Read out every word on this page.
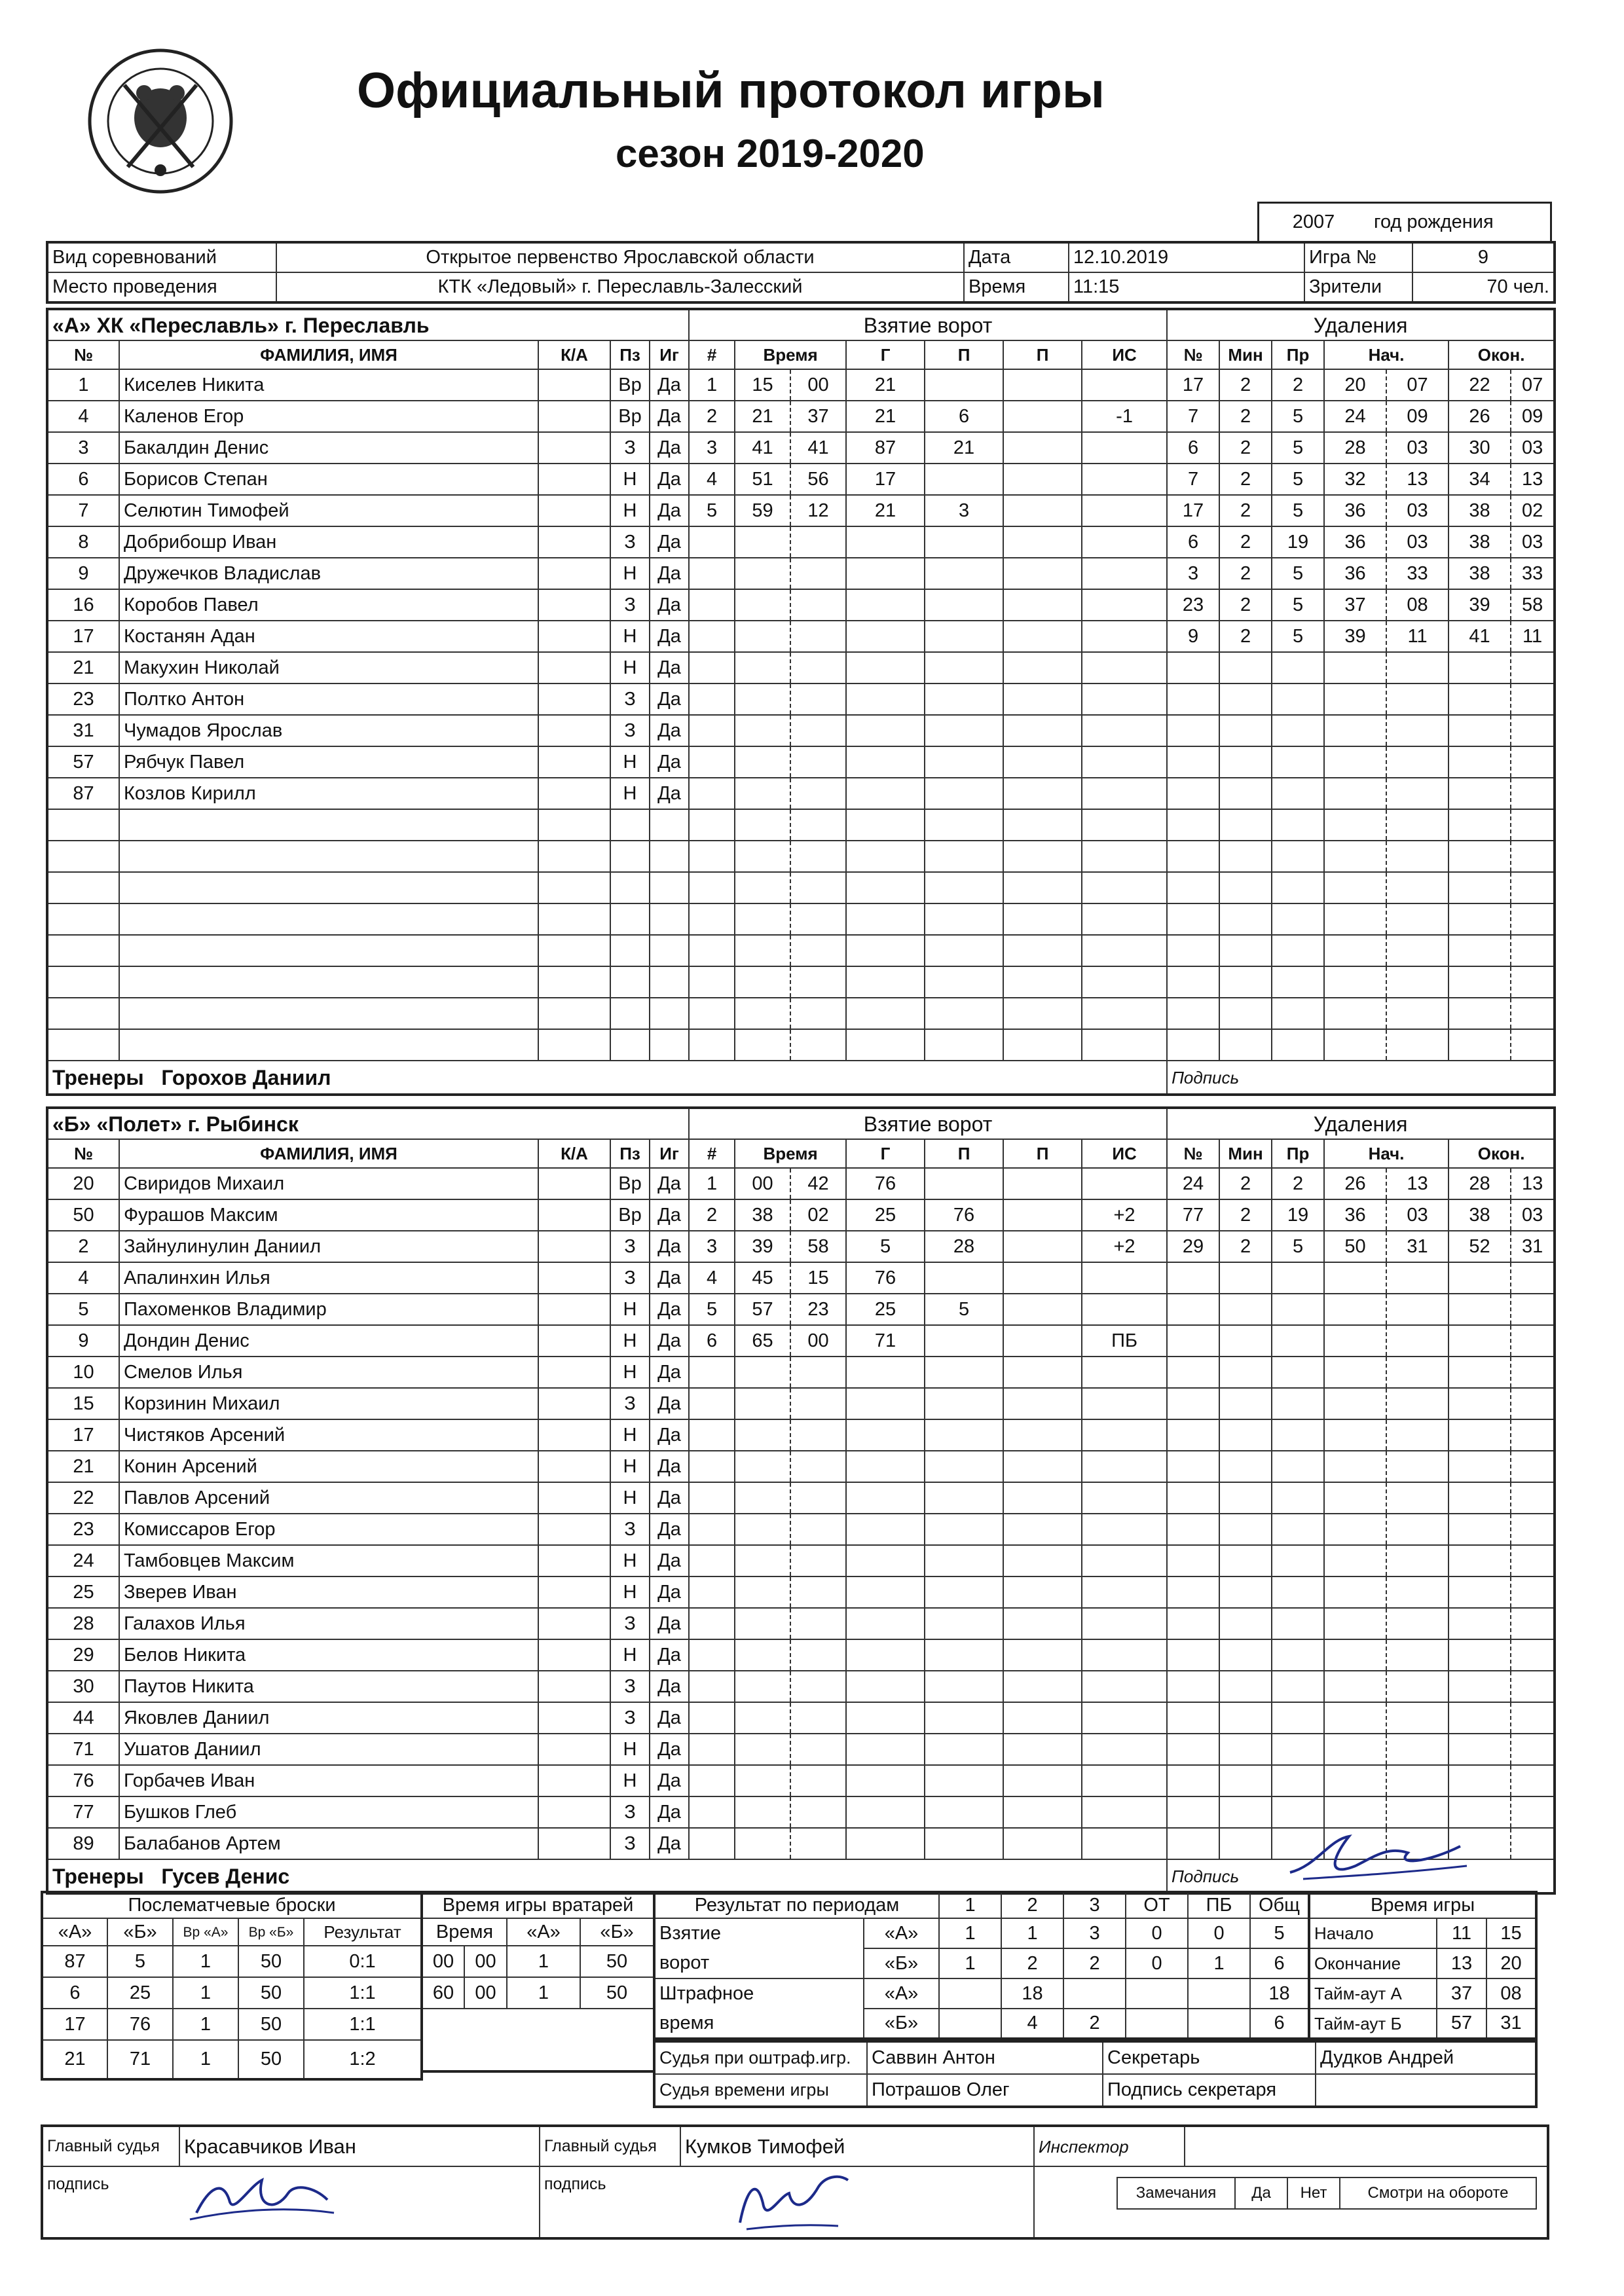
Официальный протокол игры
сезон 2019-2020
2007	год рождения
Вид соревнований	Открытое первенство Ярославской области	Дата	12.10.2019	Игра №	9
Место проведения	КТК «Ледовый» г. Переславль-Залесский	Время	11:15	Зрители	70 чел.
«А» ХК «Переславль» г. Переславль					Взятие ворот							Удаления						
№	ФАМИЛИЯ, ИМЯ	К/А	Пз	Иг	#	Время		Г	П	П	ИС	№	Мин	Пр	Нач.		Окон.	
1	Киселев Никита		Вр	Да	1	15	00	21				17	2	2	20	07	22	07
4	Каленов Егор		Вр	Да	2	21	37	21	6		-1	7	2	5	24	09	26	09
3	Бакалдин Денис		З	Да	3	41	41	87	21			6	2	5	28	03	30	03
6	Борисов Степан		Н	Да	4	51	56	17				7	2	5	32	13	34	13
7	Селютин Тимофей		Н	Да	5	59	12	21	3			17	2	5	36	03	38	02
8	Добрибошр Иван		З	Да								6	2	19	36	03	38	03
9	Дружечков Владислав		Н	Да								3	2	5	36	33	38	33
16	Коробов Павел		З	Да								23	2	5	37	08	39	58
17	Костанян Адан		Н	Да								9	2	5	39	11	41	11
21	Макухин Николай		Н	Да														
23	Полтко Антон		З	Да														
31	Чумадов Ярослав		З	Да														
57	Рябчук Павел		Н	Да														
87	Козлов Кирилл		Н	Да														

Тренеры Горохов Даниил												Подпись						
«Б» «Полет» г. Рыбинск					Взятие ворот							Удаления						
№	ФАМИЛИЯ, ИМЯ	К/А	Пз	Иг	#	Время		Г	П	П	ИС	№	Мин	Пр	Нач.		Окон.	
20	Свиридов Михаил		Вр	Да	1	00	42	76				24	2	2	26	13	28	13
50	Фурашов Максим		Вр	Да	2	38	02	25	76		+2	77	2	19	36	03	38	03
2	Зайнулинулин Даниил		З	Да	3	39	58	5	28		+2	29	2	5	50	31	52	31
4	Апалинхин Илья		З	Да	4	45	15	76										
5	Пахоменков Владимир		Н	Да	5	57	23	25	5									
9	Дондин Денис		Н	Да	6	65	00	71			ПБ							
10	Смелов Илья		Н	Да														
15	Корзинин Михаил		З	Да														
17	Чистяков Арсений		Н	Да														
21	Конин Арсений		Н	Да														
22	Павлов Арсений		Н	Да														
23	Комиссаров Егор		З	Да														
24	Тамбовцев Максим		Н	Да														
25	Зверев Иван		Н	Да														
28	Галахов Илья		З	Да														
29	Белов Никита		Н	Да														
30	Паутов Никита		З	Да														
44	Яковлев Даниил		З	Да														
71	Ушатов Даниил		Н	Да														
76	Горбачев Иван		Н	Да														
77	Бушков Глеб		З	Да														
89	Балабанов Артем		З	Да														
Тренеры Гусев Денис												Подпись						
Послематчевые броски				
«А»	«Б»	Вр «А»	Вр «Б»	Результат
87	5	1	50	0:1
6	25	1	50	1:1
17	76	1	50	1:1
21	71	1	50	1:2
Время игры вратарей			
Время		«А»	«Б»
00	00	1	50
60	00	1	50

Результат по периодам		1	2	3	ОТ	ПБ	Общ
Взятие	«А»	1	1	3	0	0	5
ворот	«Б»	1	2	2	0	1	6
Штрафное	«А»		18				18
время	«Б»		4	2			6
Время игры		
Начало	11	15
Окончание	13	20
Тайм-аут А	37	08
Тайм-аут Б	57	31
Судья при оштраф.игр.	Саввин Антон	Секретарь	Дудков Андрей
Судья времени игры	Потрашов Олег	Подпись секретаря	
Главный судья	Красавчиков Иван	Главный судья	Кумков Тимофей	Инспектор	
подпись		подпись				Замечания	Да	Нет	Смотри на обороте
